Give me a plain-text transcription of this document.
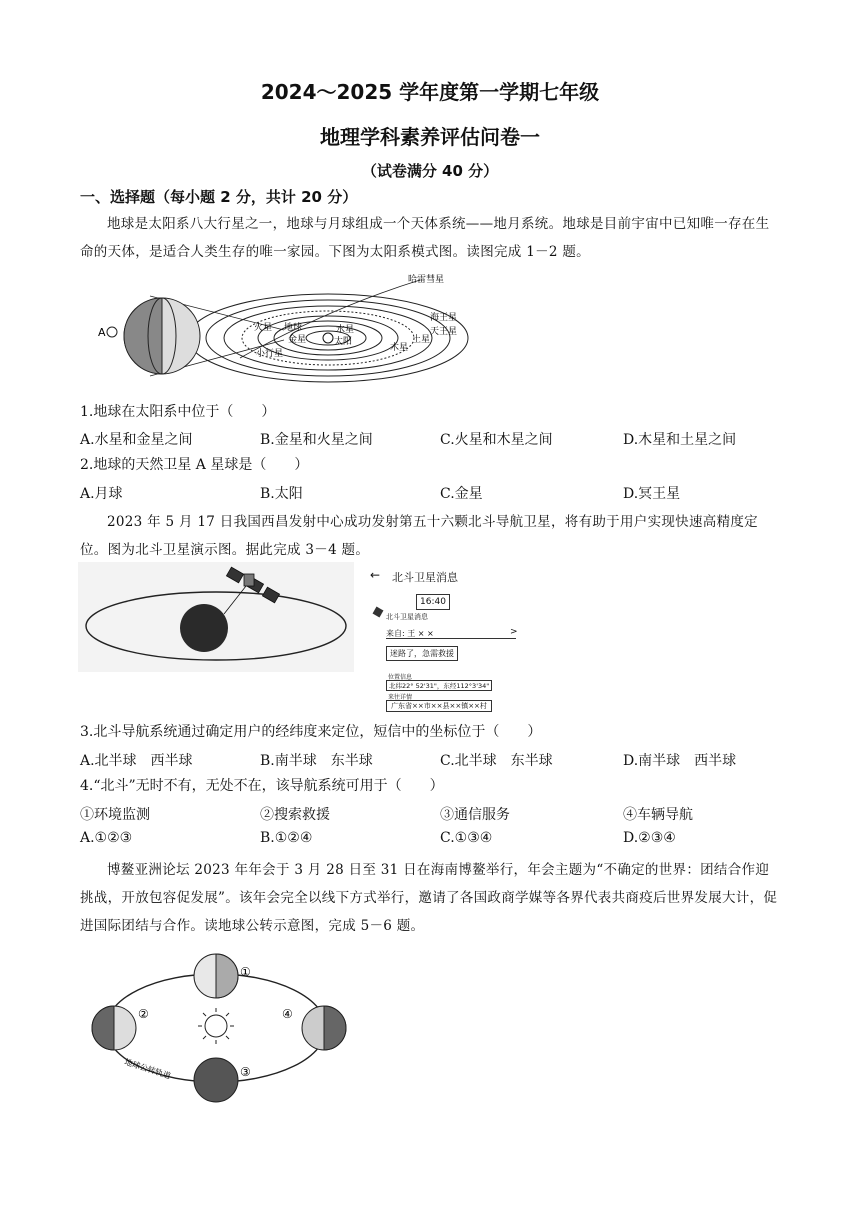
2024～2025 学年度第一学期七年级
地理学科素养评估问卷一
（试卷满分 40 分）
一、选择题（每小题 2 分，共计 20 分）
地球是太阳系八大行星之一，地球与月球组成一个天体系统——地月系统。地球是目前宇宙中已知唯一存在生命的天体，是适合人类生存的唯一家园。下图为太阳系模式图。读图完成 1－2 题。
A
哈雷彗星
海王星
天王星
土星
木星
火星 地球
金星
水星
太阳
小行星
1.地球在太阳系中位于（　　）
A.水星和金星之间	B.金星和火星之间	C.火星和木星之间	D.木星和土星之间
2.地球的天然卫星 A 星球是（　　）
A.月球	B.太阳	C.金星	D.冥王星
2023 年 5 月 17 日我国西昌发射中心成功发射第五十六颗北斗导航卫星，将有助于用户实现快速高精度定位。图为北斗卫星演示图。据此完成 3－4 题。
← 北斗卫星消息
16:40
北斗卫星消息
来自: 王 × ×	>
迷路了，急需救援
位置信息
北纬22° 52'31"，东经112°3'34"
来往详情
广东省××市××县××镇××村
3.北斗导航系统通过确定用户的经纬度来定位，短信中的坐标位于（　　）
A.北半球　西半球	B.南半球　东半球	C.北半球　东半球	D.南半球　西半球
4.“北斗”无时不有，无处不在，该导航系统可用于（　　）
①环境监测	②搜索救援	③通信服务	④车辆导航
A.①②③	B.①②④	C.①③④	D.②③④
博鳌亚洲论坛 2023 年年会于 3 月 28 日至 31 日在海南博鳌举行，年会主题为“不确定的世界：团结合作迎挑战，开放包容促发展”。该年会完全以线下方式举行，邀请了各国政商学媒等各界代表共商疫后世界发展大计，促进国际团结与合作。读地球公转示意图，完成 5－6 题。
①
②
③
④
地球公转轨道
